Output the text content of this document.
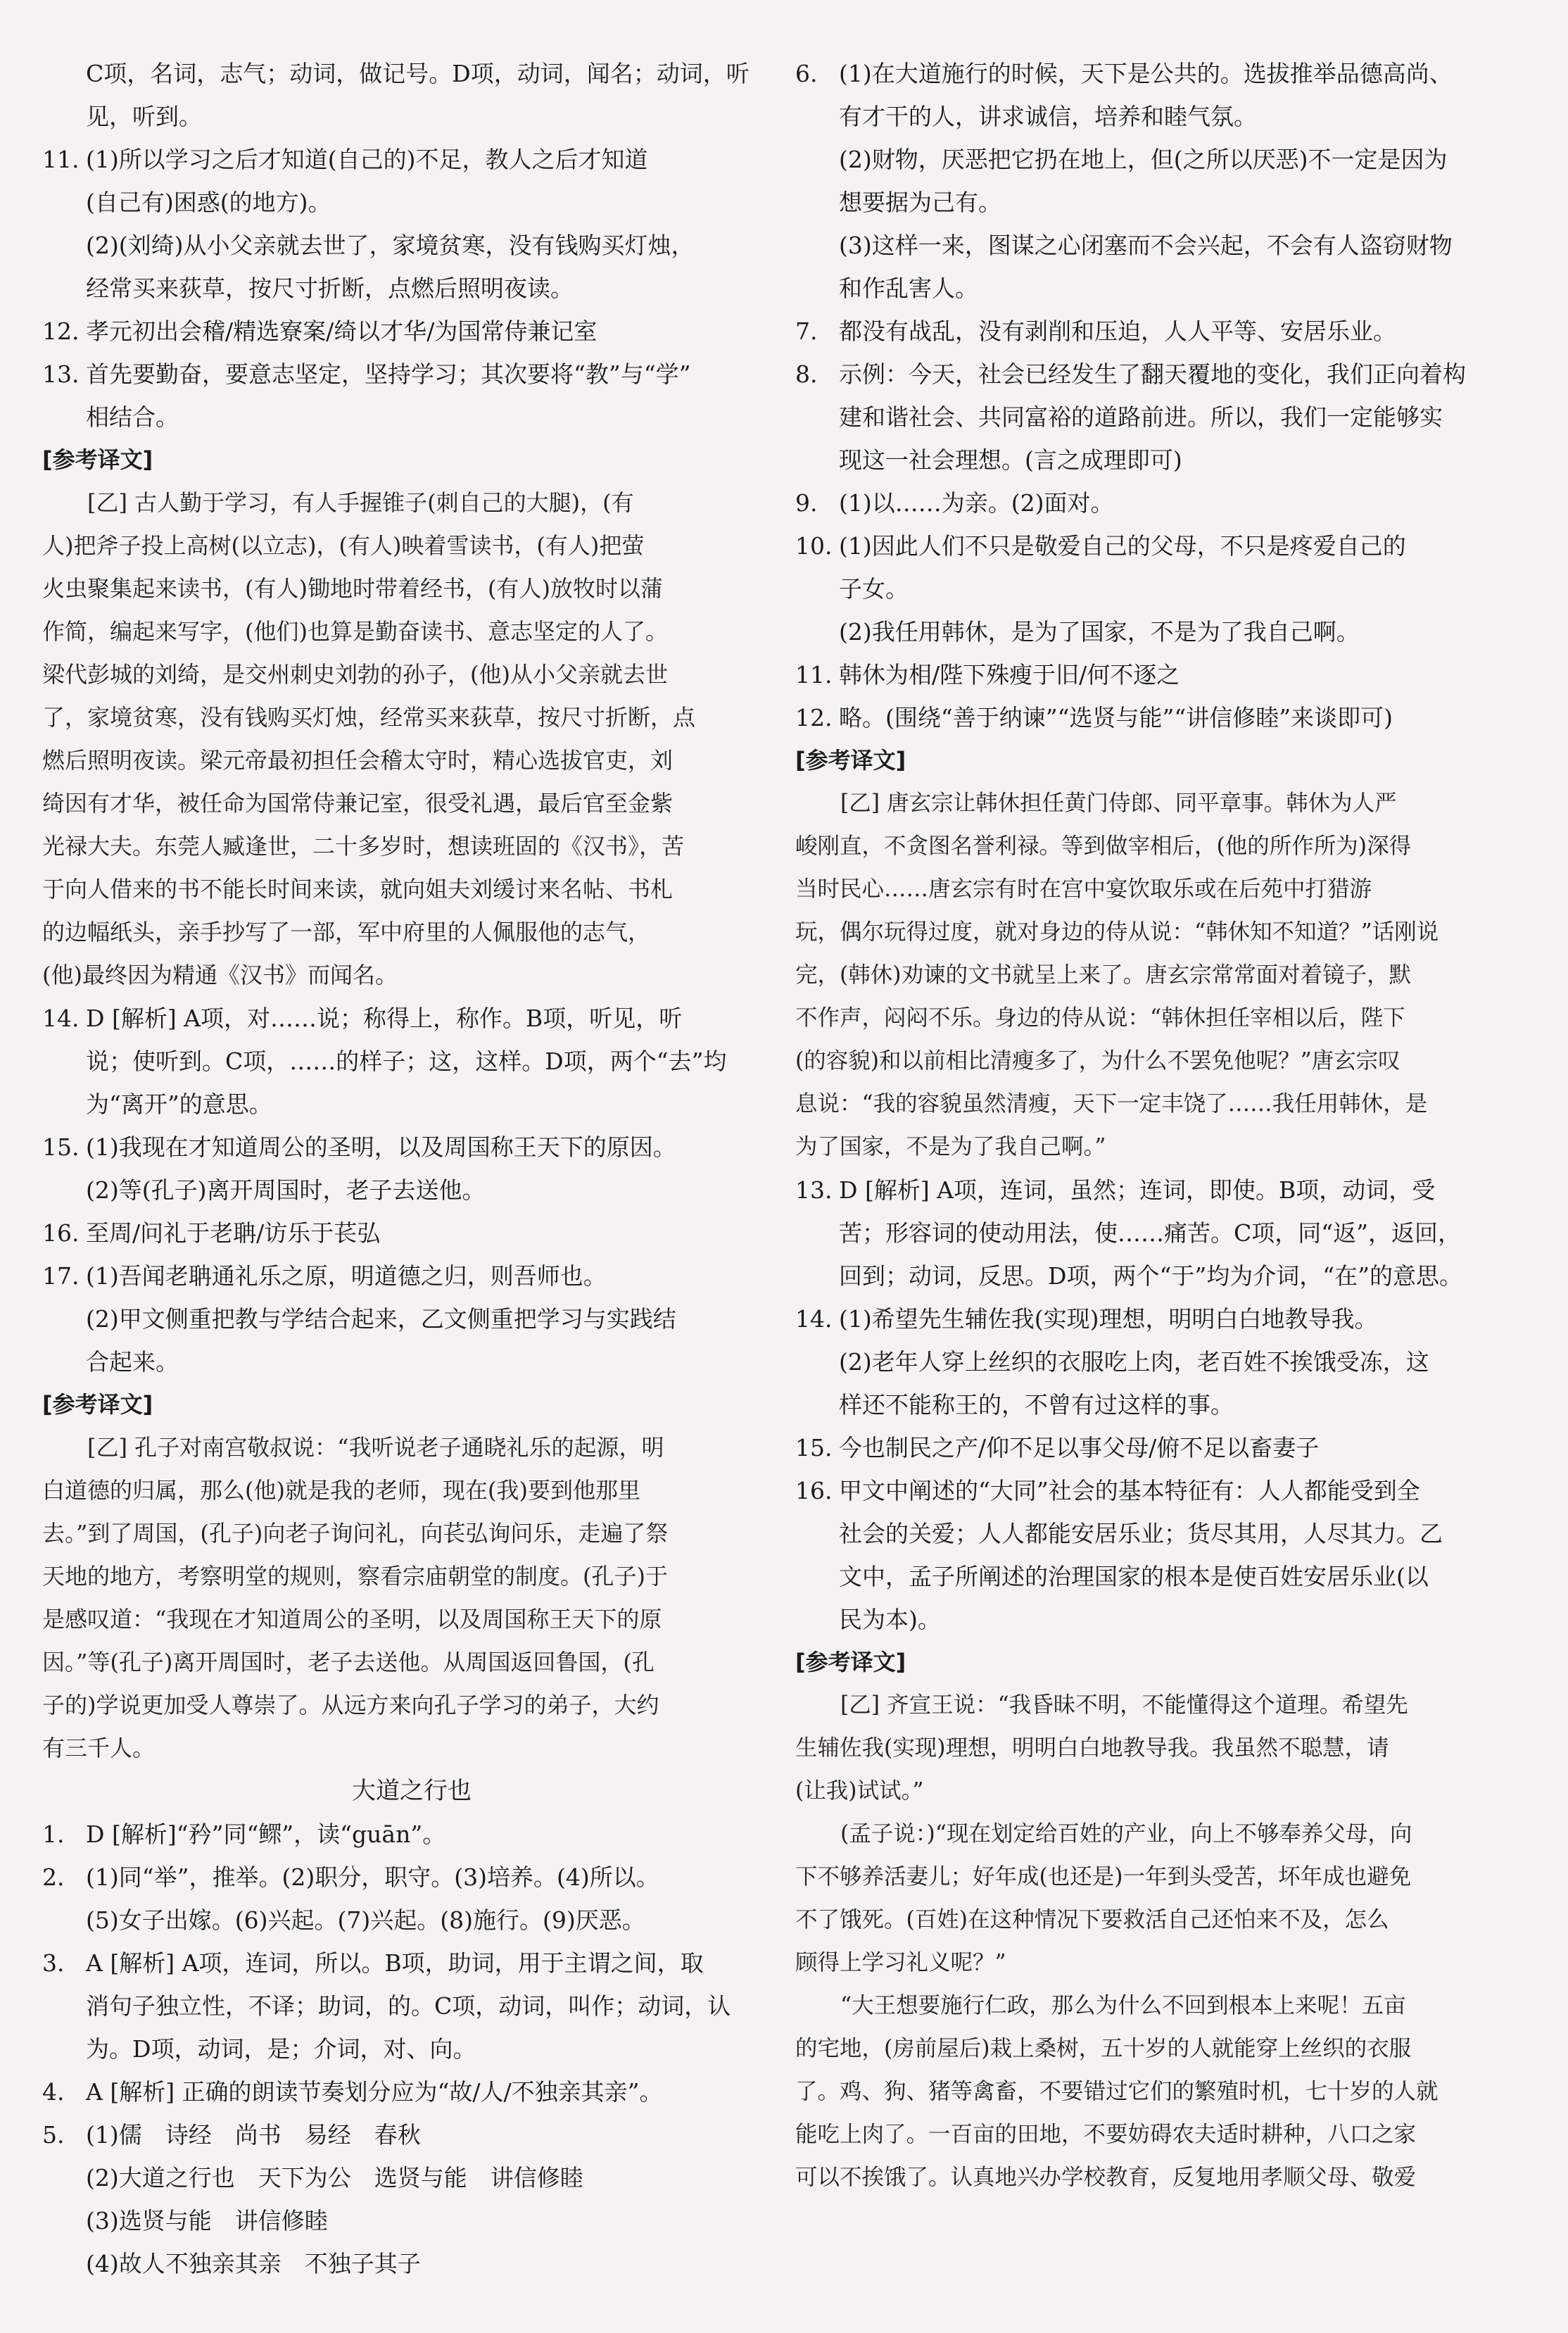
C项，名词，志气；动词，做记号。D项，动词，闻名；动词，听
见，听到。
11. (1)所以学习之后才知道(自己的)不足，教人之后才知道
(自己有)困惑(的地方)。
(2)(刘绮)从小父亲就去世了，家境贫寒，没有钱购买灯烛，
经常买来荻草，按尺寸折断，点燃后照明夜读。
12. 孝元初出会稽/精选寮案/绮以才华/为国常侍兼记室
13. 首先要勤奋，要意志坚定，坚持学习；其次要将“教”与“学”
相结合。
[参考译文]
[乙] 古人勤于学习，有人手握锥子(刺自己的大腿)，(有
人)把斧子投上高树(以立志)，(有人)映着雪读书，(有人)把萤
火虫聚集起来读书，(有人)锄地时带着经书，(有人)放牧时以蒲
作简，编起来写字，(他们)也算是勤奋读书、意志坚定的人了。
梁代彭城的刘绮，是交州刺史刘勃的孙子，(他)从小父亲就去世
了，家境贫寒，没有钱购买灯烛，经常买来荻草，按尺寸折断，点
燃后照明夜读。梁元帝最初担任会稽太守时，精心选拔官吏，刘
绮因有才华，被任命为国常侍兼记室，很受礼遇，最后官至金紫
光禄大夫。东莞人臧逢世，二十多岁时，想读班固的《汉书》，苦
于向人借来的书不能长时间来读，就向姐夫刘缓讨来名帖、书札
的边幅纸头，亲手抄写了一部，军中府里的人佩服他的志气，
(他)最终因为精通《汉书》而闻名。
14. D [解析] A项，对……说；称得上，称作。B项，听见，听
说；使听到。C项，……的样子；这，这样。D项，两个“去”均
为“离开”的意思。
15. (1)我现在才知道周公的圣明，以及周国称王天下的原因。
(2)等(孔子)离开周国时，老子去送他。
16. 至周/问礼于老聃/访乐于苌弘
17. (1)吾闻老聃通礼乐之原，明道德之归，则吾师也。
(2)甲文侧重把教与学结合起来，乙文侧重把学习与实践结
合起来。
[参考译文]
[乙] 孔子对南宫敬叔说：“我听说老子通晓礼乐的起源，明
白道德的归属，那么(他)就是我的老师，现在(我)要到他那里
去。”到了周国，(孔子)向老子询问礼，向苌弘询问乐，走遍了祭
天地的地方，考察明堂的规则，察看宗庙朝堂的制度。(孔子)于
是感叹道：“我现在才知道周公的圣明，以及周国称王天下的原
因。”等(孔子)离开周国时，老子去送他。从周国返回鲁国，(孔
子的)学说更加受人尊崇了。从远方来向孔子学习的弟子，大约
有三千人。
大道之行也
1. D [解析]“矜”同“鳏”，读“guān”。
2. (1)同“举”，推举。(2)职分，职守。(3)培养。(4)所以。
(5)女子出嫁。(6)兴起。(7)兴起。(8)施行。(9)厌恶。
3. A [解析] A项，连词，所以。B项，助词，用于主谓之间，取
消句子独立性，不译；助词，的。C项，动词，叫作；动词，认
为。D项，动词，是；介词，对、向。
4. A [解析] 正确的朗读节奏划分应为“故/人/不独亲其亲”。
5. (1)儒　诗经　尚书　易经　春秋
(2)大道之行也　天下为公　选贤与能　讲信修睦
(3)选贤与能　讲信修睦
(4)故人不独亲其亲　不独子其子
6. (1)在大道施行的时候，天下是公共的。选拔推举品德高尚、
有才干的人，讲求诚信，培养和睦气氛。
(2)财物，厌恶把它扔在地上，但(之所以厌恶)不一定是因为
想要据为己有。
(3)这样一来，图谋之心闭塞而不会兴起，不会有人盗窃财物
和作乱害人。
7. 都没有战乱，没有剥削和压迫，人人平等、安居乐业。
8. 示例：今天，社会已经发生了翻天覆地的变化，我们正向着构
建和谐社会、共同富裕的道路前进。所以，我们一定能够实
现这一社会理想。(言之成理即可)
9. (1)以……为亲。(2)面对。
10. (1)因此人们不只是敬爱自己的父母，不只是疼爱自己的
子女。
(2)我任用韩休，是为了国家，不是为了我自己啊。
11. 韩休为相/陛下殊瘦于旧/何不逐之
12. 略。(围绕“善于纳谏”“选贤与能”“讲信修睦”来谈即可)
[参考译文]
[乙] 唐玄宗让韩休担任黄门侍郎、同平章事。韩休为人严
峻刚直，不贪图名誉利禄。等到做宰相后，(他的所作所为)深得
当时民心……唐玄宗有时在宫中宴饮取乐或在后苑中打猎游
玩，偶尔玩得过度，就对身边的侍从说：“韩休知不知道？”话刚说
完，(韩休)劝谏的文书就呈上来了。唐玄宗常常面对着镜子，默
不作声，闷闷不乐。身边的侍从说：“韩休担任宰相以后，陛下
(的容貌)和以前相比清瘦多了，为什么不罢免他呢？”唐玄宗叹
息说：“我的容貌虽然清瘦，天下一定丰饶了……我任用韩休，是
为了国家，不是为了我自己啊。”
13. D [解析] A项，连词，虽然；连词，即使。B项，动词，受
苦；形容词的使动用法，使……痛苦。C项，同“返”，返回，
回到；动词，反思。D项，两个“于”均为介词，“在”的意思。
14. (1)希望先生辅佐我(实现)理想，明明白白地教导我。
(2)老年人穿上丝织的衣服吃上肉，老百姓不挨饿受冻，这
样还不能称王的，不曾有过这样的事。
15. 今也制民之产/仰不足以事父母/俯不足以畜妻子
16. 甲文中阐述的“大同”社会的基本特征有：人人都能受到全
社会的关爱；人人都能安居乐业；货尽其用，人尽其力。乙
文中，孟子所阐述的治理国家的根本是使百姓安居乐业(以
民为本)。
[参考译文]
[乙] 齐宣王说：“我昏昧不明，不能懂得这个道理。希望先
生辅佐我(实现)理想，明明白白地教导我。我虽然不聪慧，请
(让我)试试。”
(孟子说：)“现在划定给百姓的产业，向上不够奉养父母，向
下不够养活妻儿；好年成(也还是)一年到头受苦，坏年成也避免
不了饿死。(百姓)在这种情况下要救活自己还怕来不及，怎么
顾得上学习礼义呢？”
“大王想要施行仁政，那么为什么不回到根本上来呢！五亩
的宅地，(房前屋后)栽上桑树，五十岁的人就能穿上丝织的衣服
了。鸡、狗、猪等禽畜，不要错过它们的繁殖时机，七十岁的人就
能吃上肉了。一百亩的田地，不要妨碍农夫适时耕种，八口之家
可以不挨饿了。认真地兴办学校教育，反复地用孝顺父母、敬爱
